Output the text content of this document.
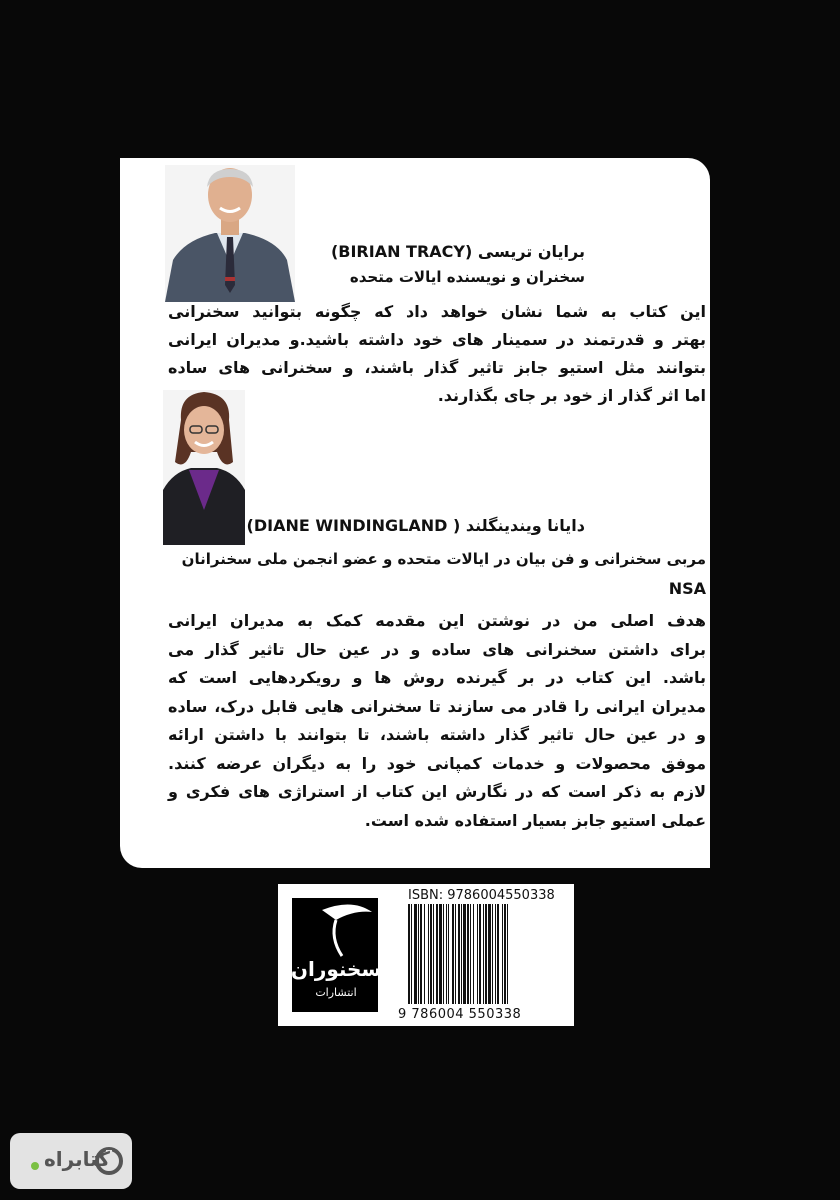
برایان تریسی (BIRIAN TRACY)

سخنران و نویسنده ایالات متحده

این کتاب به شما نشان خواهد داد که چگونه بتوانید سخنرانی
بهتر و قدرتمند در سمینار های خود داشته باشید.و مدیران ایرانی
بتوانند مثل استیو جابز تاثیر گذار باشند، و سخنرانی های ساده
اما اثر گذار از خود بر جای بگذارند.

دایانا ویندینگلند ( DIANE WINDINGLAND)

مربی سخنرانی و فن بیان در ایالات متحده و عضو انجمن ملی سخنرانان

NSA

هدف اصلی من در نوشتن این مقدمه کمک به مدیران ایرانی
برای داشتن سخنرانی های ساده و در عین حال تاثیر گذار می
باشد. این کتاب در بر گیرنده روش ها و رویکردهایی است که
مدیران ایرانی را قادر می سازند تا سخنرانی هایی قابل درک، ساده
و در عین حال تاثیر گذار داشته باشند، تا بتوانند با داشتن ارائه
موفق محصولات و خدمات کمپانی خود را به دیگران عرضه کنند.
لازم به ذکر است که در نگارش این کتاب از استراژی های فکری و
عملی استیو جابز بسیار استفاده شده است.
سخنوران
انتشارات
ISBN: 9786004550338
9 786004 550338
کتابراه
